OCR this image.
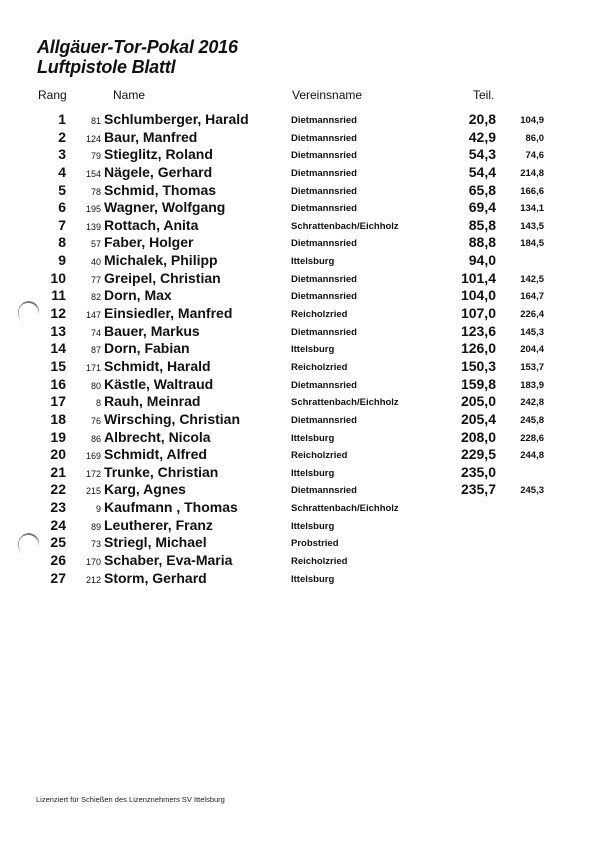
Allgäuer-Tor-Pokal 2016
Luftpistole Blattl
Rang	Name	Vereinsname	Teil.
1	81 Schlumberger, Harald	Dietmannsried	20,8	104,9
2	124 Baur, Manfred	Dietmannsried	42,9	86,0
3	79 Stieglitz, Roland	Dietmannsried	54,3	74,6
4	154 Nägele, Gerhard	Dietmannsried	54,4	214,8
5	78 Schmid, Thomas	Dietmannsried	65,8	166,6
6	195 Wagner, Wolfgang	Dietmannsried	69,4	134,1
7	139 Rottach, Anita	Schrattenbach/Eichholz	85,8	143,5
8	57 Faber, Holger	Dietmannsried	88,8	184,5
9	40 Michalek, Philipp	Ittelsburg	94,0
10	77 Greipel, Christian	Dietmannsried	101,4	142,5
11	82 Dorn, Max	Dietmannsried	104,0	164,7
12	147 Einsiedler, Manfred	Reicholzried	107,0	226,4
13	74 Bauer, Markus	Dietmannsried	123,6	145,3
14	87 Dorn, Fabian	Ittelsburg	126,0	204,4
15	171 Schmidt, Harald	Reicholzried	150,3	153,7
16	80 Kästle, Waltraud	Dietmannsried	159,8	183,9
17	8 Rauh, Meinrad	Schrattenbach/Eichholz	205,0	242,8
18	76 Wirsching, Christian	Dietmannsried	205,4	245,8
19	86 Albrecht, Nicola	Ittelsburg	208,0	228,6
20	169 Schmidt, Alfred	Reicholzried	229,5	244,8
21	172 Trunke, Christian	Ittelsburg	235,0
22	215 Karg, Agnes	Dietmannsried	235,7	245,3
23	9 Kaufmann , Thomas	Schrattenbach/Eichholz
24	89 Leutherer, Franz	Ittelsburg
25	73 Striegl, Michael	Probstried
26	170 Schaber, Eva-Maria	Reicholzried
27	212 Storm, Gerhard	Ittelsburg
Lizenziert für Schießen des Lizenznehmers SV Ittelsburg
